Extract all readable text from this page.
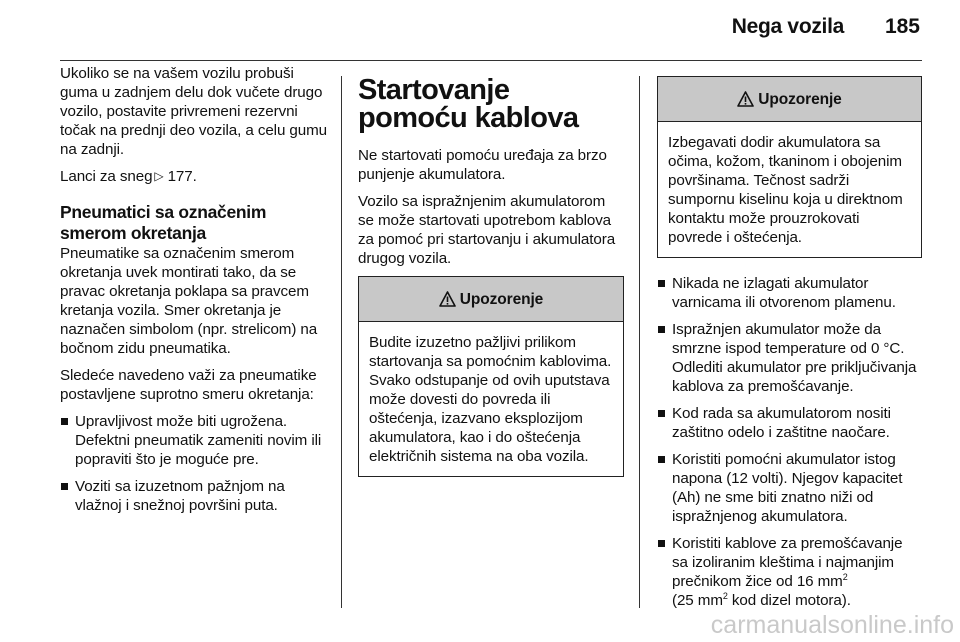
Nega vozila 185

Ukoliko se na vašem vozilu probuši guma u zadnjem delu dok vučete drugo vozilo, postavite privremeni rezervni točak na prednji deo vozila, a celu gumu na zadnji.

Lanci za sneg ▷ 177.

Pneumatici sa označenim smerom okretanja

Pneumatike sa označenim smerom okretanja uvek montirati tako, da se pravac okretanja poklapa sa pravcem kretanja vozila. Smer okretanja je naznačen simbolom (npr. strelicom) na bočnom zidu pneumatika.

Sledeće navedeno važi za pneumatike postavljene suprotno smeru okretanja:

Upravljivost može biti ugrožena. Defektni pneumatik zameniti novim ili popraviti što je moguće pre.
Voziti sa izuzetnom pažnjom na vlažnoj i snežnoj površini puta.
Startovanje pomoću kablova

Ne startovati pomoću uređaja za brzo punjenje akumulatora.

Vozilo sa ispražnjenim akumulatorom se može startovati upotrebom kablova za pomoć pri startovanju i akumulatora drugog vozila.

Upozorenje
Budite izuzetno pažljivi prilikom startovanja sa pomoćnim kablovima. Svako odstupanje od ovih uputstava može dovesti do povreda ili oštećenja, izazvano eksplozijom akumulatora, kao i do oštećenja električnih sistema na oba vozila.
Upozorenje
Izbegavati dodir akumulatora sa očima, kožom, tkaninom i obojenim površinama. Tečnost sadrži sumpornu kiselinu koja u direktnom kontaktu može prouzrokovati povrede i oštećenja.
Nikada ne izlagati akumulator varnicama ili otvorenom plamenu.
Ispražnjen akumulator može da smrzne ispod temperature od 0 °C. Odlediti akumulator pre priključivanja kablova za premošćavanje.
Kod rada sa akumulatorom nositi zaštitno odelo i zaštitne naočare.
Koristiti pomoćni akumulator istog napona (12 volti). Njegov kapacitet (Ah) ne sme biti znatno niži od ispražnjenog akumulatora.
Koristiti kablove za premošćavanje sa izoliranim kleštima i najmanjim prečnikom žice od 16 $mm^2$
(25 $mm^2$ kod dizel motora).
carmanualsonline.info
